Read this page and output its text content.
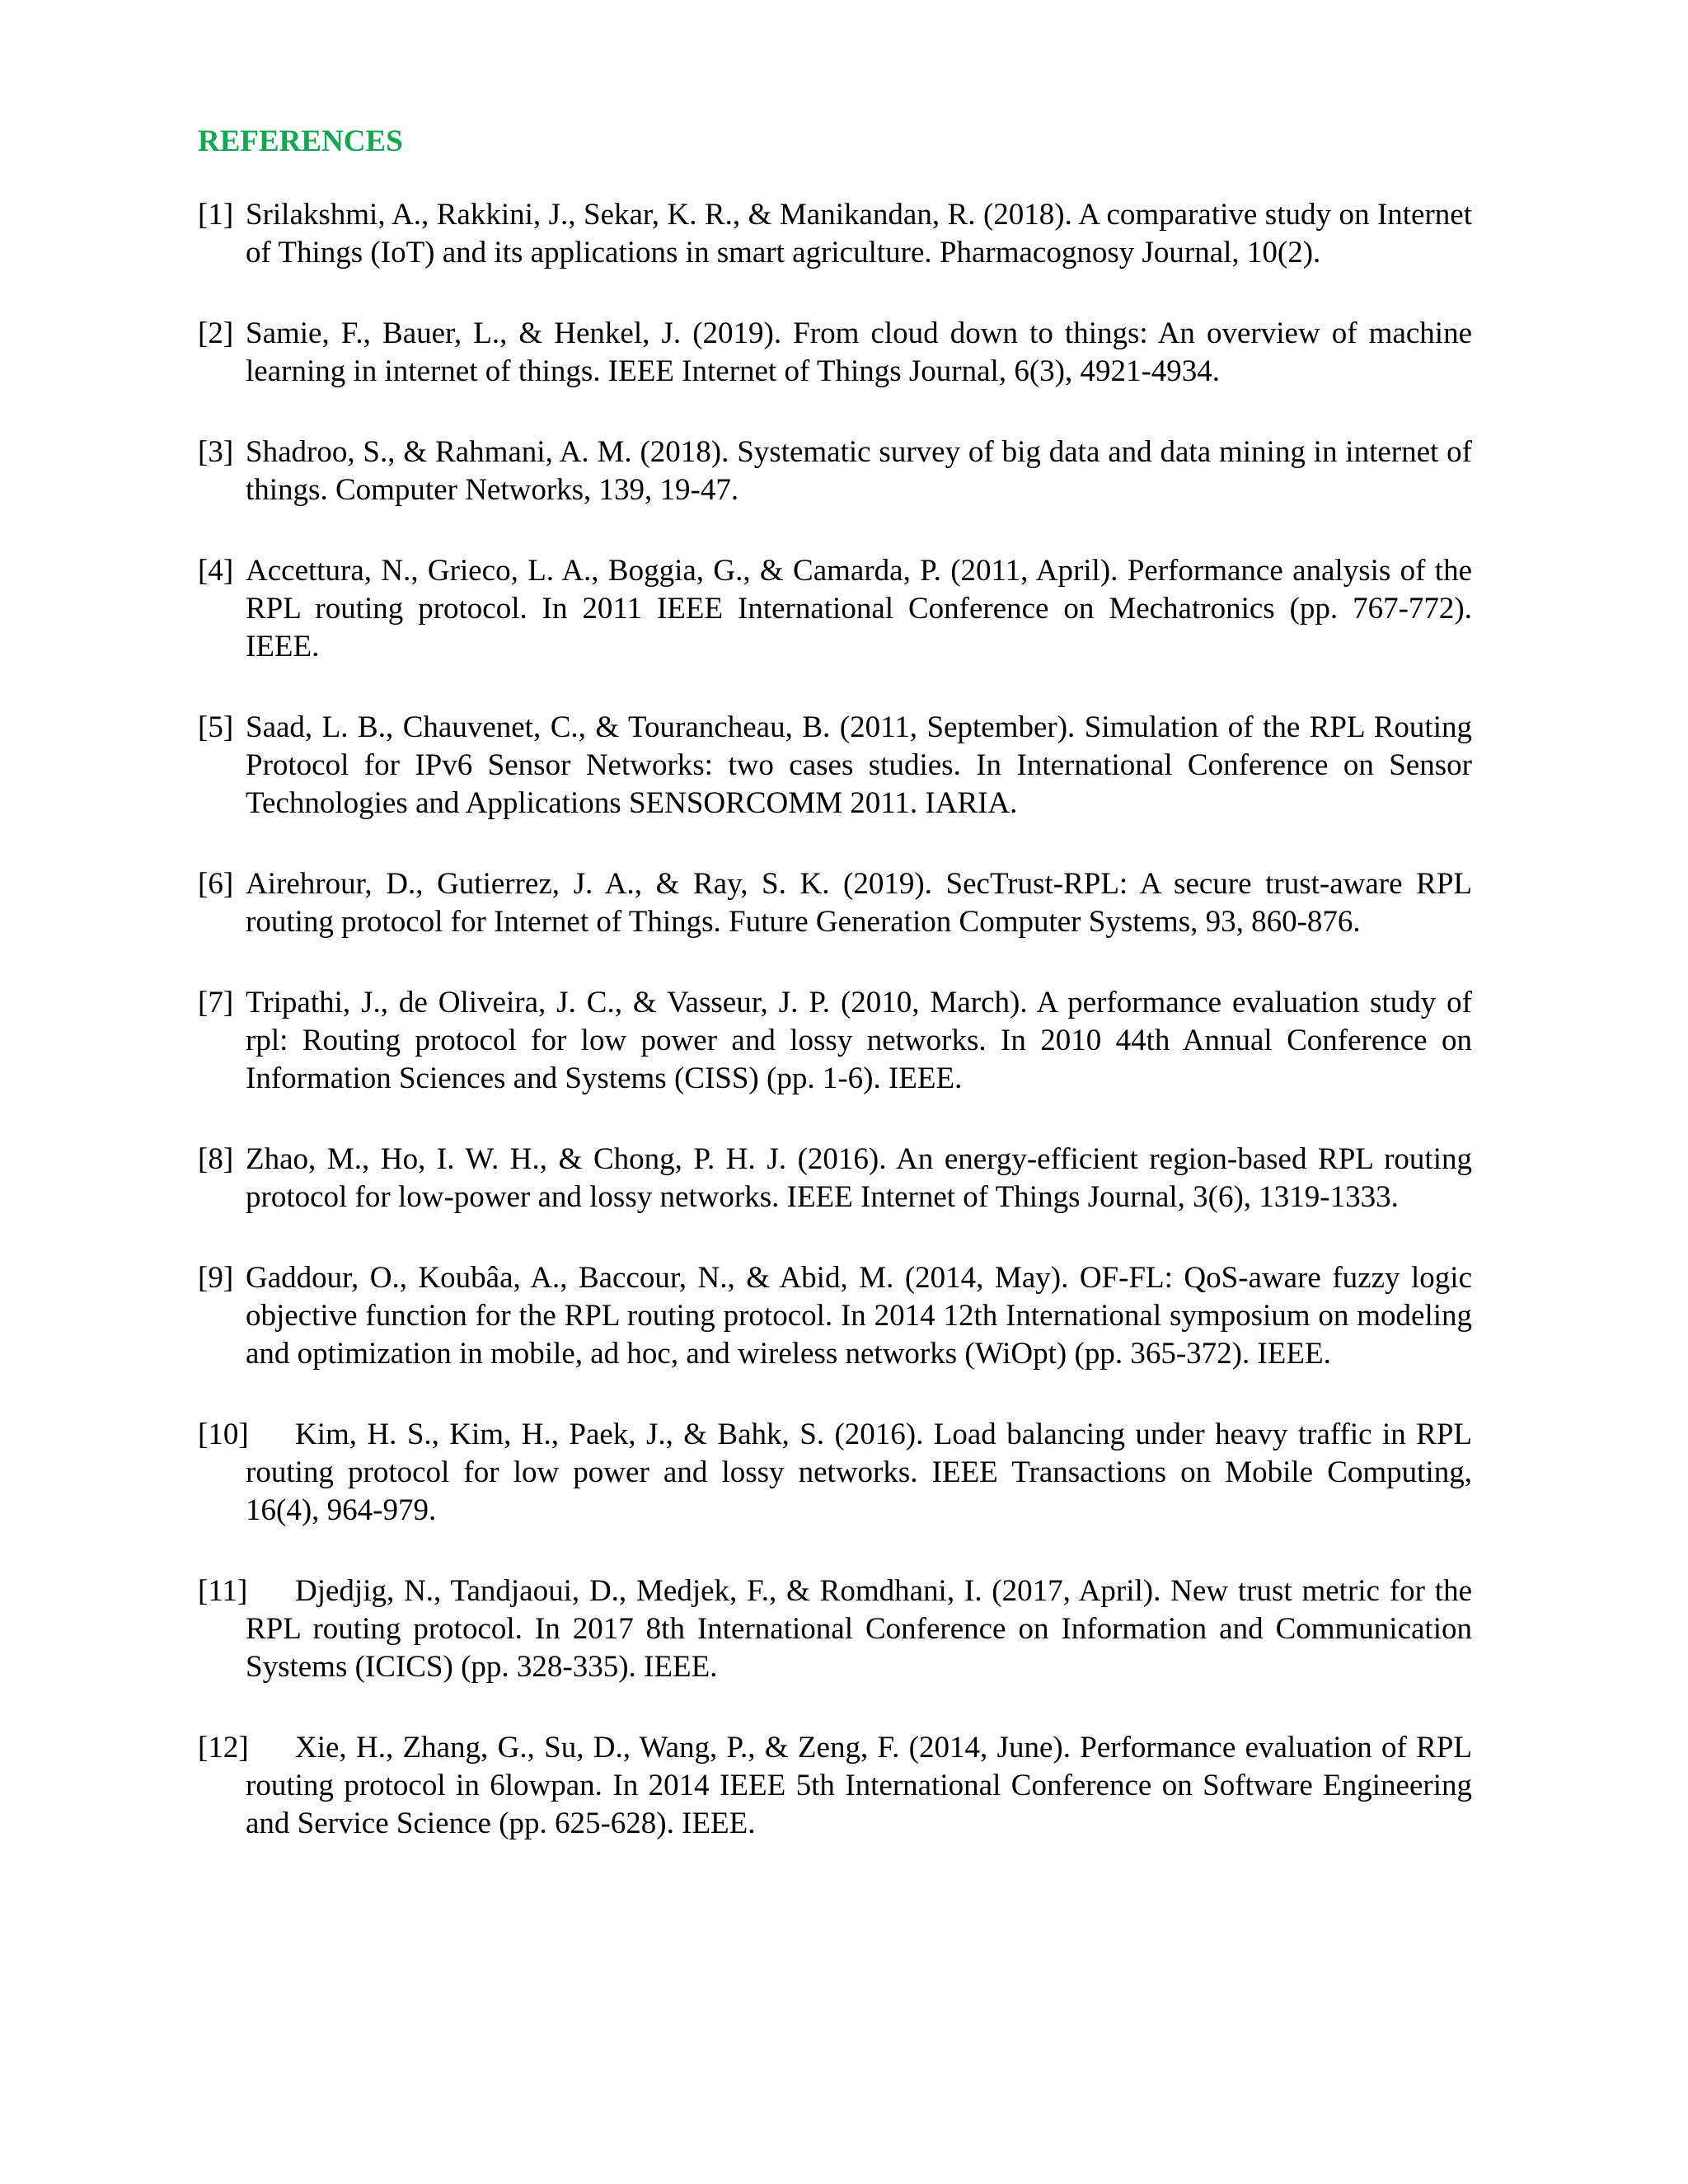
REFERENCES
[1] Srilakshmi, A., Rakkini, J., Sekar, K. R., & Manikandan, R. (2018). A comparative study on Internet of Things (IoT) and its applications in smart agriculture. Pharmacognosy Journal, 10(2).
[2] Samie, F., Bauer, L., & Henkel, J. (2019). From cloud down to things: An overview of machine learning in internet of things. IEEE Internet of Things Journal, 6(3), 4921-4934.
[3] Shadroo, S., & Rahmani, A. M. (2018). Systematic survey of big data and data mining in internet of things. Computer Networks, 139, 19-47.
[4] Accettura, N., Grieco, L. A., Boggia, G., & Camarda, P. (2011, April). Performance analysis of the RPL routing protocol. In 2011 IEEE International Conference on Mechatronics (pp. 767-772). IEEE.
[5] Saad, L. B., Chauvenet, C., & Tourancheau, B. (2011, September). Simulation of the RPL Routing Protocol for IPv6 Sensor Networks: two cases studies. In International Conference on Sensor Technologies and Applications SENSORCOMM 2011. IARIA.
[6] Airehrour, D., Gutierrez, J. A., & Ray, S. K. (2019). SecTrust-RPL: A secure trust-aware RPL routing protocol for Internet of Things. Future Generation Computer Systems, 93, 860-876.
[7] Tripathi, J., de Oliveira, J. C., & Vasseur, J. P. (2010, March). A performance evaluation study of rpl: Routing protocol for low power and lossy networks. In 2010 44th Annual Conference on Information Sciences and Systems (CISS) (pp. 1-6). IEEE.
[8] Zhao, M., Ho, I. W. H., & Chong, P. H. J. (2016). An energy-efficient region-based RPL routing protocol for low-power and lossy networks. IEEE Internet of Things Journal, 3(6), 1319-1333.
[9] Gaddour, O., Koubâa, A., Baccour, N., & Abid, M. (2014, May). OF-FL: QoS-aware fuzzy logic objective function for the RPL routing protocol. In 2014 12th International symposium on modeling and optimization in mobile, ad hoc, and wireless networks (WiOpt) (pp. 365-372). IEEE.
[10] Kim, H. S., Kim, H., Paek, J., & Bahk, S. (2016). Load balancing under heavy traffic in RPL routing protocol for low power and lossy networks. IEEE Transactions on Mobile Computing, 16(4), 964-979.
[11] Djedjig, N., Tandjaoui, D., Medjek, F., & Romdhani, I. (2017, April). New trust metric for the RPL routing protocol. In 2017 8th International Conference on Information and Communication Systems (ICICS) (pp. 328-335). IEEE.
[12] Xie, H., Zhang, G., Su, D., Wang, P., & Zeng, F. (2014, June). Performance evaluation of RPL routing protocol in 6lowpan. In 2014 IEEE 5th International Conference on Software Engineering and Service Science (pp. 625-628). IEEE.
